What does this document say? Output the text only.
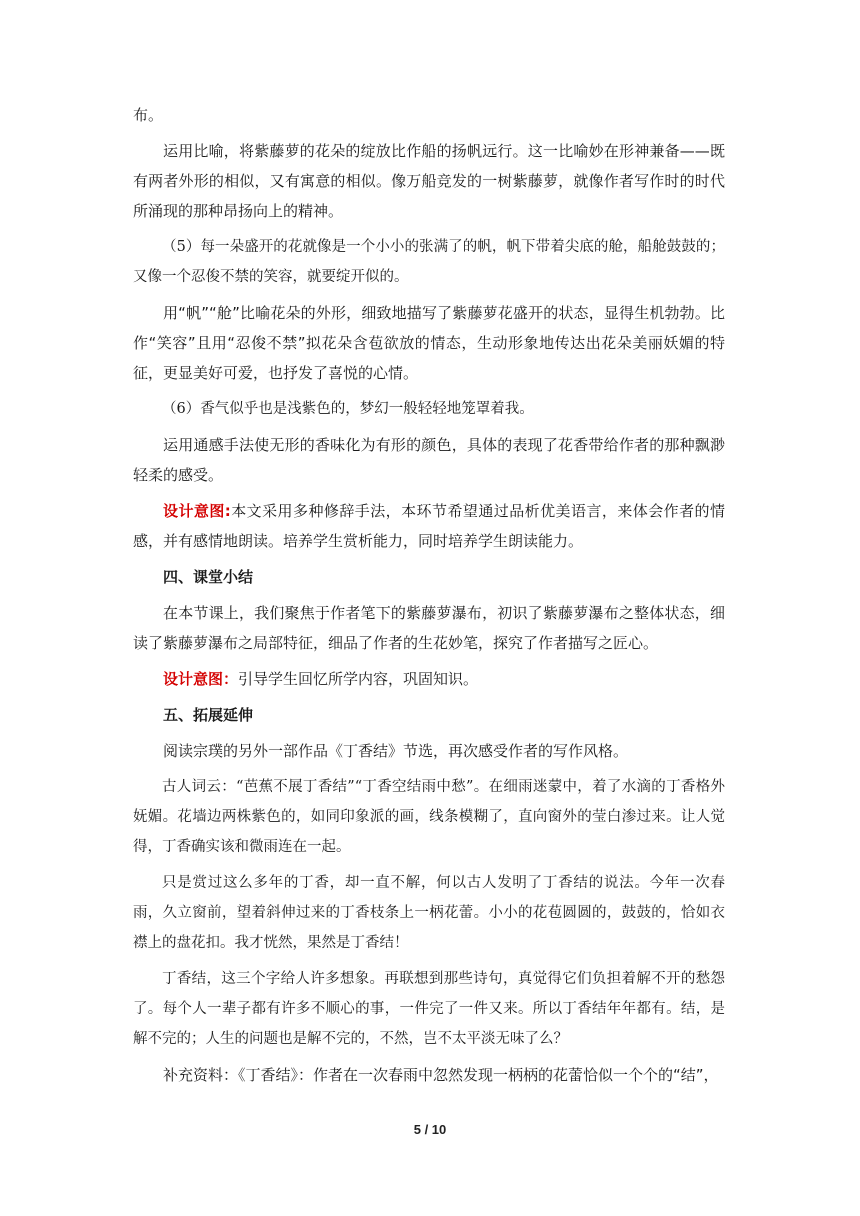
布。

运用比喻，将紫藤萝的花朵的绽放比作船的扬帆远行。这一比喻妙在形神兼备——既有两者外形的相似，又有寓意的相似。像万船竞发的一树紫藤萝，就像作者写作时的时代所涌现的那种昂扬向上的精神。

（5）每一朵盛开的花就像是一个小小的张满了的帆，帆下带着尖底的舱，船舱鼓鼓的；又像一个忍俊不禁的笑容，就要绽开似的。

用“帆”“舱”比喻花朵的外形，细致地描写了紫藤萝花盛开的状态，显得生机勃勃。比作“笑容”且用“忍俊不禁”拟花朵含苞欲放的情态，生动形象地传达出花朵美丽妖媚的特征，更显美好可爱，也抒发了喜悦的心情。

（6）香气似乎也是浅紫色的，梦幻一般轻轻地笼罩着我。

运用通感手法使无形的香味化为有形的颜色，具体的表现了花香带给作者的那种飘渺轻柔的感受。

设计意图:本文采用多种修辞手法，本环节希望通过品析优美语言，来体会作者的情感，并有感情地朗读。培养学生赏析能力，同时培养学生朗读能力。

四、课堂小结

在本节课上，我们聚焦于作者笔下的紫藤萝瀑布，初识了紫藤萝瀑布之整体状态，细读了紫藤萝瀑布之局部特征，细品了作者的生花妙笔，探究了作者描写之匠心。

设计意图：引导学生回忆所学内容，巩固知识。

五、拓展延伸

阅读宗璞的另外一部作品《丁香结》节选，再次感受作者的写作风格。

古人词云：“芭蕉不展丁香结”“丁香空结雨中愁”。在细雨迷蒙中，着了水滴的丁香格外妩媚。花墙边两株紫色的，如同印象派的画，线条模糊了，直向窗外的莹白渗过来。让人觉得，丁香确实该和微雨连在一起。

只是赏过这么多年的丁香，却一直不解，何以古人发明了丁香结的说法。今年一次春雨，久立窗前，望着斜伸过来的丁香枝条上一柄花蕾。小小的花苞圆圆的，鼓鼓的，恰如衣襟上的盘花扣。我才恍然，果然是丁香结！

丁香结，这三个字给人许多想象。再联想到那些诗句，真觉得它们负担着解不开的愁怨了。每个人一辈子都有许多不顺心的事，一件完了一件又来。所以丁香结年年都有。结，是解不完的；人生的问题也是解不完的，不然，岂不太平淡无味了么？

补充资料：《丁香结》：作者在一次春雨中忽然发现一柄柄的花蕾恰似一个个的“结”，

5 / 10
